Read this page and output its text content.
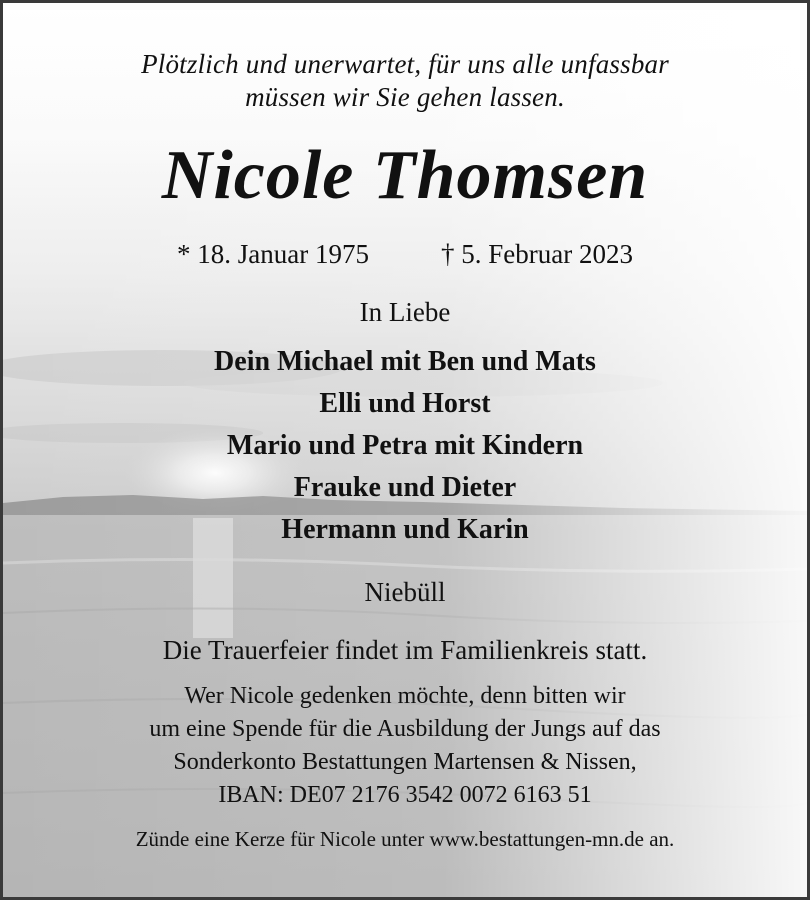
Plötzlich und unerwartet, für uns alle unfassbar
müssen wir Sie gehen lassen.
Nicole Thomsen
* 18. Januar 1975	† 5. Februar 2023
In Liebe
Dein Michael mit Ben und Mats
Elli und Horst
Mario und Petra mit Kindern
Frauke und Dieter
Hermann und Karin
Niebüll
Die Trauerfeier findet im Familienkreis statt.
Wer Nicole gedenken möchte, denn bitten wir
um eine Spende für die Ausbildung der Jungs auf das
Sonderkonto Bestattungen Martensen & Nissen,
IBAN: DE07 2176 3542 0072 6163 51
Zünde eine Kerze für Nicole unter www.bestattungen-mn.de an.
